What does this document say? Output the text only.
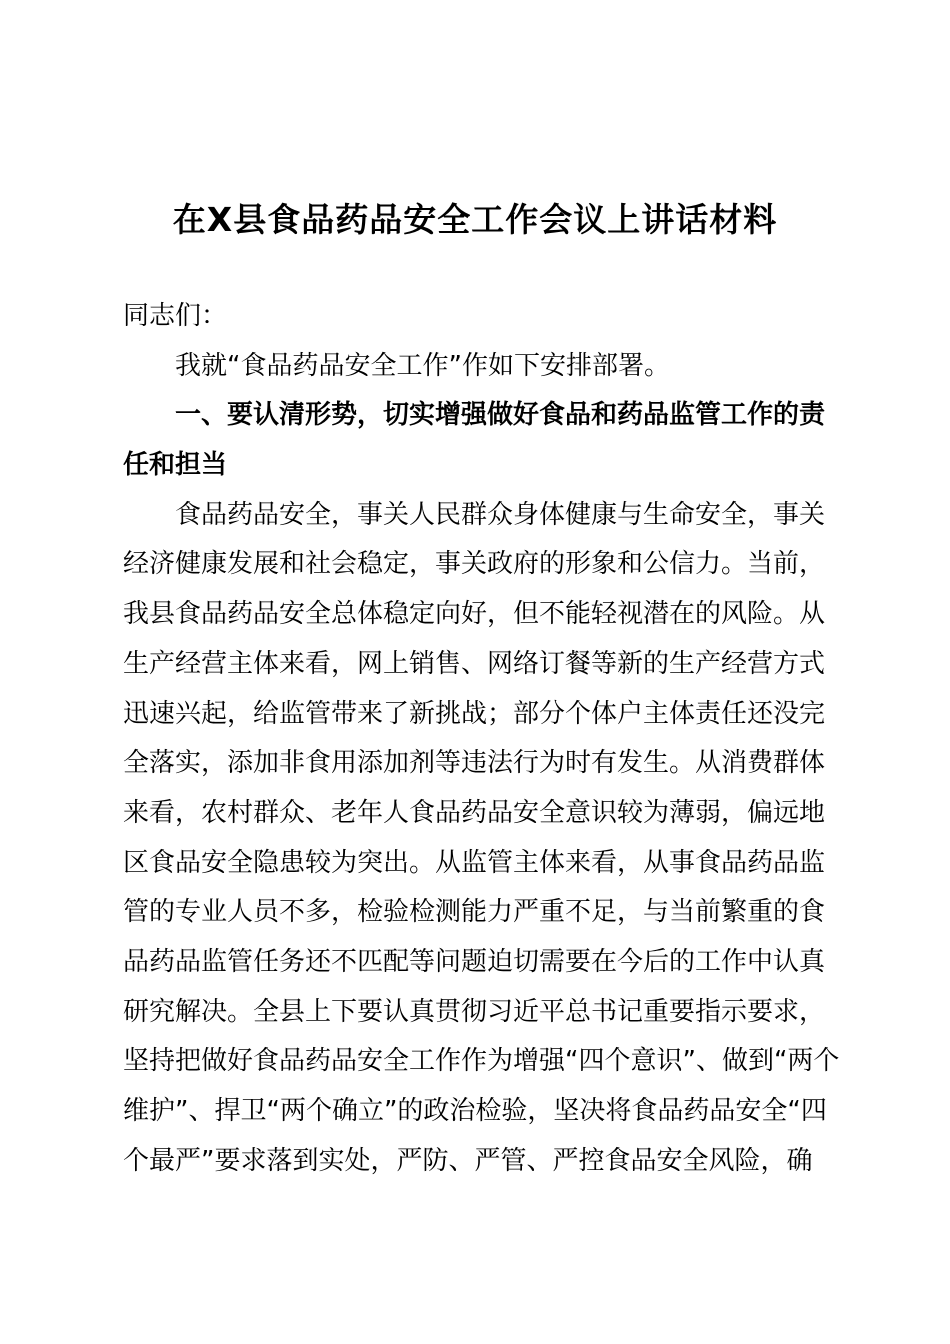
在X县食品药品安全工作会议上讲话材料
同志们：
我就“食品药品安全工作”作如下安排部署。
一、要认清形势，切实增强做好食品和药品监管工作的责
任和担当
食品药品安全，事关人民群众身体健康与生命安全，事关
经济健康发展和社会稳定，事关政府的形象和公信力。当前，
我县食品药品安全总体稳定向好，但不能轻视潜在的风险。从
生产经营主体来看，网上销售、网络订餐等新的生产经营方式
迅速兴起，给监管带来了新挑战；部分个体户主体责任还没完
全落实，添加非食用添加剂等违法行为时有发生。从消费群体
来看，农村群众、老年人食品药品安全意识较为薄弱，偏远地
区食品安全隐患较为突出。从监管主体来看，从事食品药品监
管的专业人员不多，检验检测能力严重不足，与当前繁重的食
品药品监管任务还不匹配等问题迫切需要在今后的工作中认真
研究解决。全县上下要认真贯彻习近平总书记重要指示要求，
坚持把做好食品药品安全工作作为增强“四个意识”、做到“两个
维护”、捍卫“两个确立”的政治检验，坚决将食品药品安全“四
个最严”要求落到实处，严防、严管、严控食品安全风险，确
